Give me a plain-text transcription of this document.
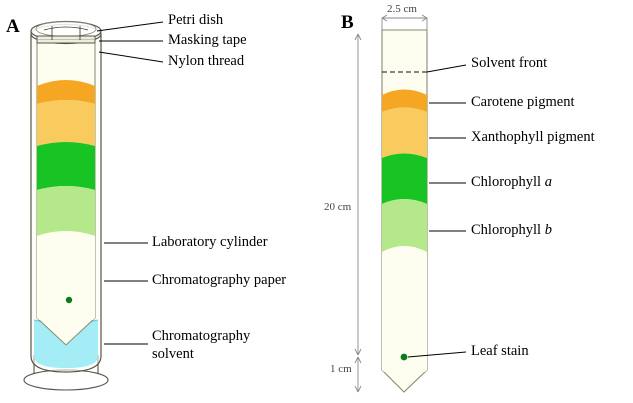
A	B
Petri dish
Masking tape
Nylon thread
Laboratory cylinder
Chromatography paper
Chromatography
solvent
Solvent front
Carotene pigment
Xanthophyll pigment
Chlorophyll a
Chlorophyll b
Leaf stain
2.5 cm
20 cm
1 cm
